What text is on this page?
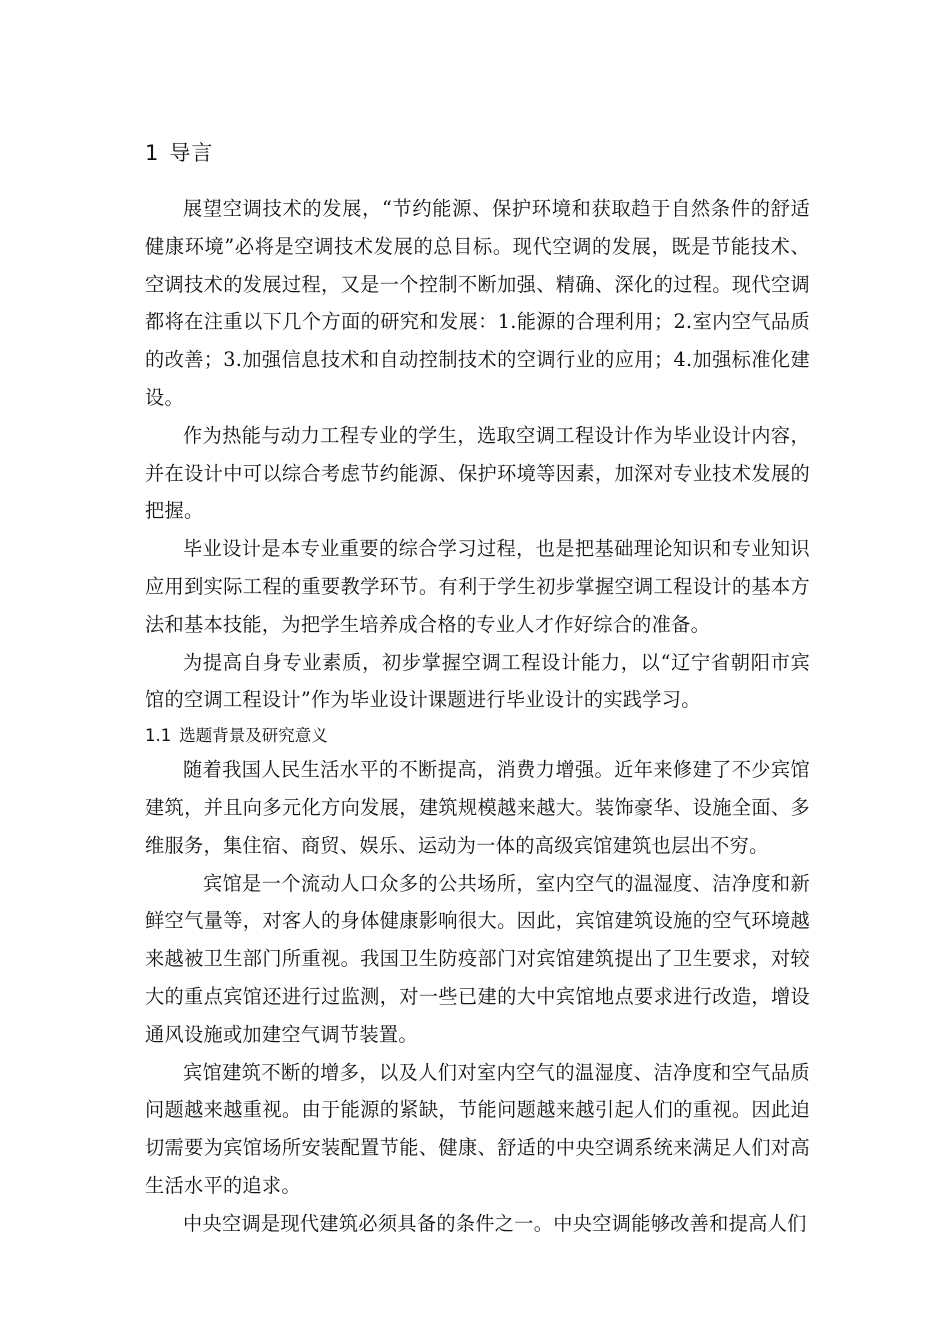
1 导言

展望空调技术的发展，“节约能源、保护环境和获取趋于自然条件的舒适健康环境”必将是空调技术发展的总目标。现代空调的发展，既是节能技术、空调技术的发展过程，又是一个控制不断加强、精确、深化的过程。现代空调都将在注重以下几个方面的研究和发展：1.能源的合理利用；2.室内空气品质的改善；3.加强信息技术和自动控制技术的空调行业的应用；4.加强标准化建设。

作为热能与动力工程专业的学生，选取空调工程设计作为毕业设计内容，并在设计中可以综合考虑节约能源、保护环境等因素，加深对专业技术发展的把握。

毕业设计是本专业重要的综合学习过程，也是把基础理论知识和专业知识应用到实际工程的重要教学环节。有利于学生初步掌握空调工程设计的基本方法和基本技能，为把学生培养成合格的专业人才作好综合的准备。

为提高自身专业素质，初步掌握空调工程设计能力，以“辽宁省朝阳市宾馆的空调工程设计”作为毕业设计课题进行毕业设计的实践学习。

1.1 选题背景及研究意义

随着我国人民生活水平的不断提高，消费力增强。近年来修建了不少宾馆建筑，并且向多元化方向发展，建筑规模越来越大。装饰豪华、设施全面、多维服务，集住宿、商贸、娱乐、运动为一体的高级宾馆建筑也层出不穷。

宾馆是一个流动人口众多的公共场所，室内空气的温湿度、洁净度和新鲜空气量等，对客人的身体健康影响很大。因此，宾馆建筑设施的空气环境越来越被卫生部门所重视。我国卫生防疫部门对宾馆建筑提出了卫生要求，对较大的重点宾馆还进行过监测，对一些已建的大中宾馆地点要求进行改造，增设通风设施或加建空气调节装置。

宾馆建筑不断的增多，以及人们对室内空气的温湿度、洁净度和空气品质问题越来越重视。由于能源的紧缺，节能问题越来越引起人们的重视。因此迫切需要为宾馆场所安装配置节能、健康、舒适的中央空调系统来满足人们对高生活水平的追求。

中央空调是现代建筑必须具备的条件之一。中央空调能够改善和提高人们
